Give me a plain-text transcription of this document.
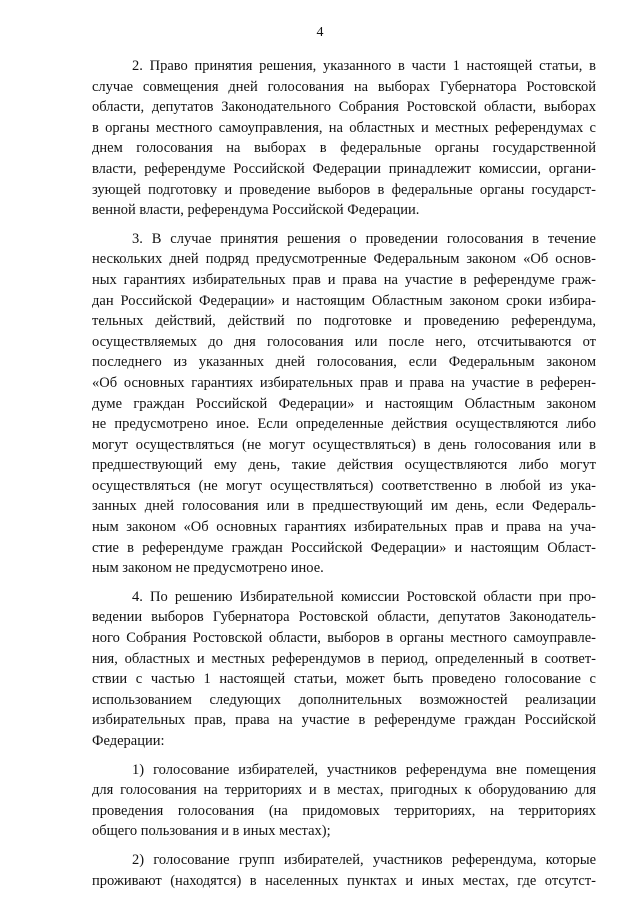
4

2. Право принятия решения, указанного в части 1 настоящей статьи, в
случае совмещения дней голосования на выборах Губернатора Ростовской
области, депутатов Законодательного Собрания Ростовской области, выборах
в органы местного самоуправления, на областных и местных референдумах с
днем голосования на выборах в федеральные органы государственной
власти, референдуме Российской Федерации принадлежит комиссии, органи-
зующей подготовку и проведение выборов в федеральные органы государст-
венной власти, референдума Российской Федерации.

3. В случае принятия решения о проведении голосования в течение
нескольких дней подряд предусмотренные Федеральным законом «Об основ-
ных гарантиях избирательных прав и права на участие в референдуме граж-
дан Российской Федерации» и настоящим Областным законом сроки избира-
тельных действий, действий по подготовке и проведению референдума,
осуществляемых до дня голосования или после него, отсчитываются от
последнего из указанных дней голосования, если Федеральным законом
«Об основных гарантиях избирательных прав и права на участие в референ-
думе граждан Российской Федерации» и настоящим Областным законом
не предусмотрено иное. Если определенные действия осуществляются либо
могут осуществляться (не могут осуществляться) в день голосования или в
предшествующий ему день, такие действия осуществляются либо могут
осуществляться (не могут осуществляться) соответственно в любой из ука-
занных дней голосования или в предшествующий им день, если Федераль-
ным законом «Об основных гарантиях избирательных прав и права на уча-
стие в референдуме граждан Российской Федерации» и настоящим Област-
ным законом не предусмотрено иное.

4. По решению Избирательной комиссии Ростовской области при про-
ведении выборов Губернатора Ростовской области, депутатов Законодатель-
ного Собрания Ростовской области, выборов в органы местного самоуправле-
ния, областных и местных референдумов в период, определенный в соответ-
ствии с частью 1 настоящей статьи, может быть проведено голосование с
использованием следующих дополнительных возможностей реализации
избирательных прав, права на участие в референдуме граждан Российской
Федерации:

1) голосование избирателей, участников референдума вне помещения
для голосования на территориях и в местах, пригодных к оборудованию для
проведения голосования (на придомовых территориях, на территориях
общего пользования и в иных местах);

2) голосование групп избирателей, участников референдума, которые
проживают (находятся) в населенных пунктах и иных местах, где отсутст-
